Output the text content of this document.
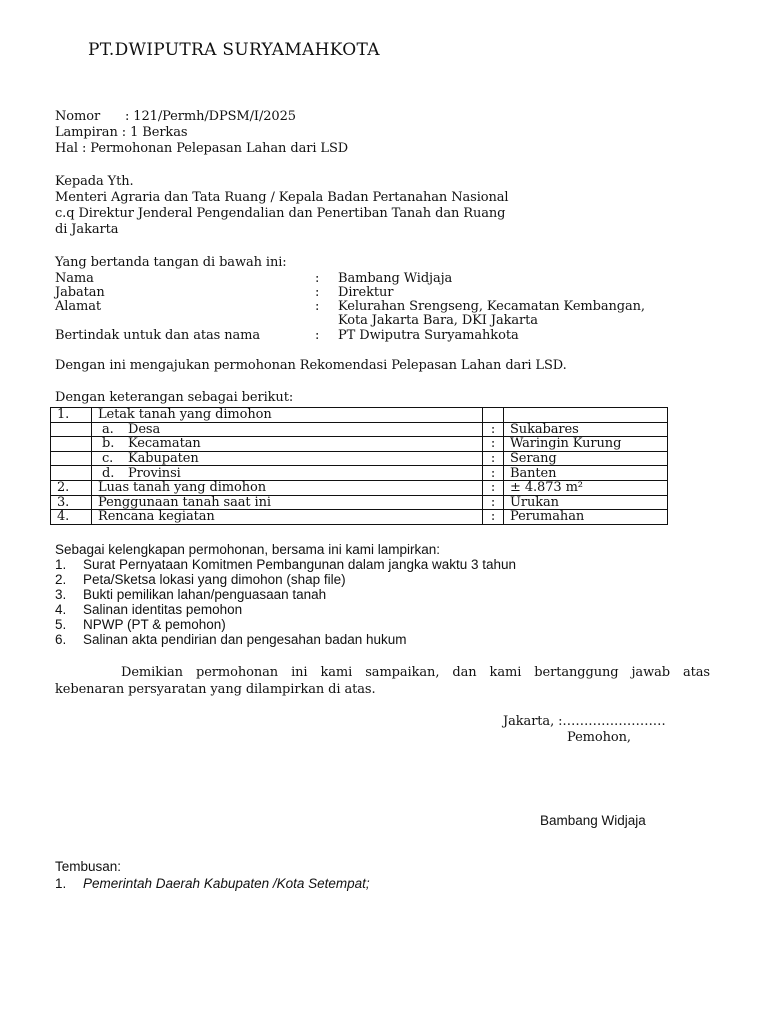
PT.DWIPUTRA SURYAMAHKOTA
Nomor : 121/Permh/DPSM/I/2025
Lampiran : 1 Berkas
Hal : Permohonan Pelepasan Lahan dari LSD
Kepada Yth.
Menteri Agraria dan Tata Ruang / Kepala Badan Pertanahan Nasional
c.q Direktur Jenderal Pengendalian dan Penertiban Tanah dan Ruang
di Jakarta
Yang bertanda tangan di bawah ini:
Nama	: Bambang Widjaja
Jabatan	: Direktur
Alamat	: Kelurahan Srengseng, Kecamatan Kembangan,
Kota Jakarta Bara, DKI Jakarta
Bertindak untuk dan atas nama	: PT Dwiputra Suryamahkota
Dengan ini mengajukan permohonan Rekomendasi Pelepasan Lahan dari LSD.
Dengan keterangan sebagai berikut:
1.	Letak tanah yang dimohon		
	a. Desa	:	Sukabares
	b. Kecamatan	:	Waringin Kurung
	c. Kabupaten	:	Serang
	d. Provinsi	:	Banten
2.	Luas tanah yang dimohon	:	± 4.873 m²
3.	Penggunaan tanah saat ini	:	Urukan
4.	Rencana kegiatan	:	Perumahan
Sebagai kelengkapan permohonan, bersama ini kami lampirkan:
1. Surat Pernyataan Komitmen Pembangunan dalam jangka waktu 3 tahun
2. Peta/Sketsa lokasi yang dimohon (shap file)
3. Bukti pemilikan lahan/penguasaan tanah
4. Salinan identitas pemohon
5. NPWP (PT & pemohon)
6. Salinan akta pendirian dan pengesahan badan hukum
Demikian permohonan ini kami sampaikan, dan kami bertanggung jawab atas
kebenaran persyaratan yang dilampirkan di atas.
Jakarta, :……………………
Pemohon,
Bambang Widjaja
Tembusan:
1. Pemerintah Daerah Kabupaten /Kota Setempat;
